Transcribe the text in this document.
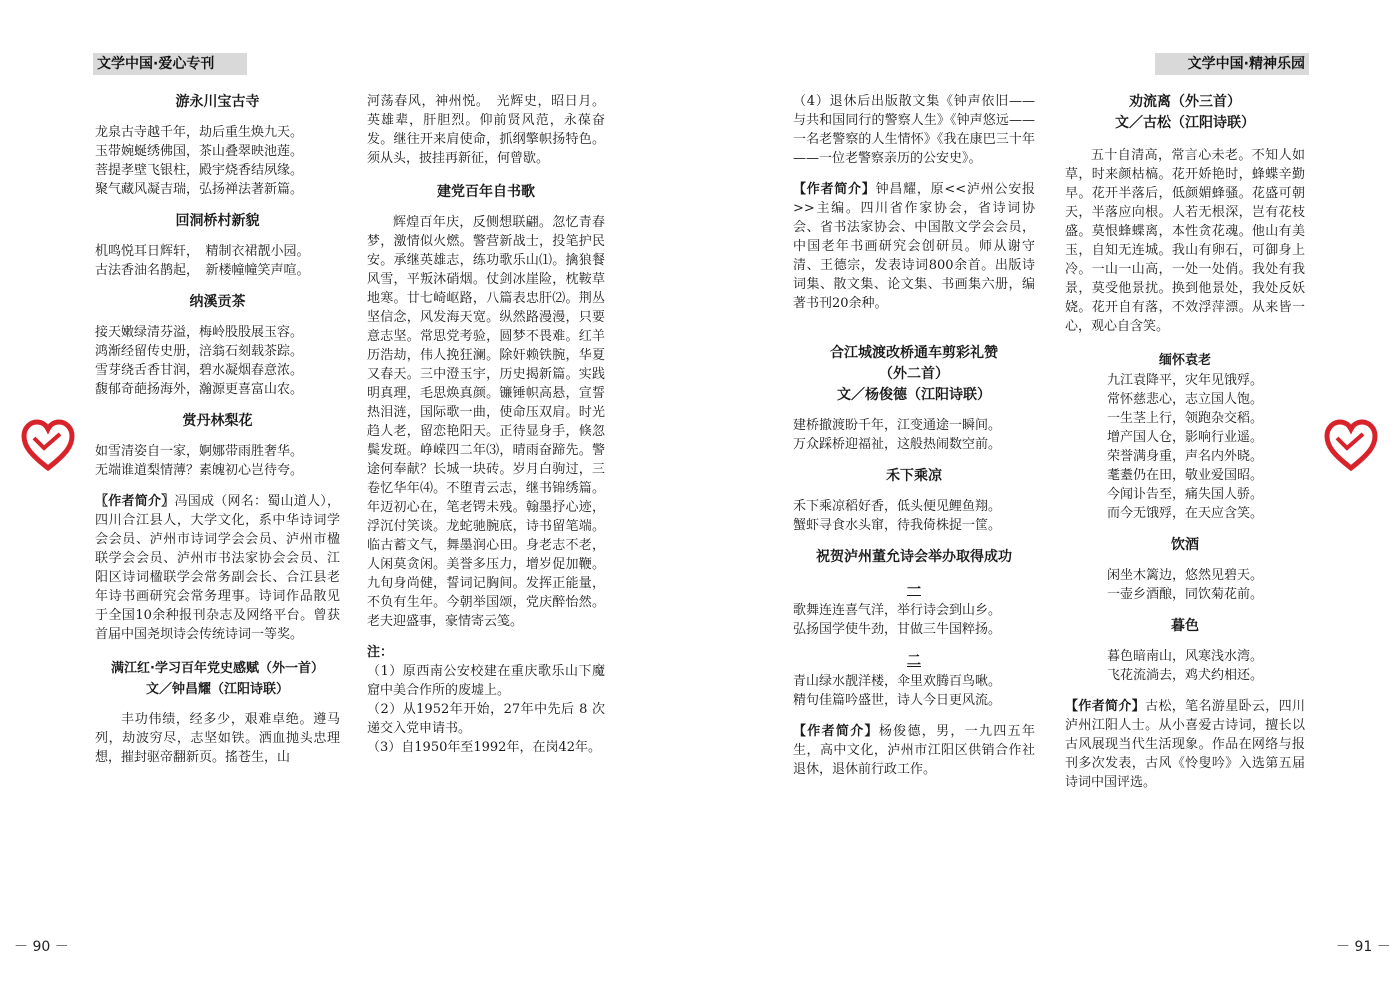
文学中国·爱心专刊	文学中国·精神乐园
游永川宝古寺

龙泉古寺越千年，劫后重生焕九天。

玉带婉蜒绣佛国，茶山叠翠映池莲。

菩提孝壁飞银柱，殿宇烧香结夙缘。

聚气藏风凝吉瑞，弘扬禅法著新篇。

回洞桥村新貌

机鸣悦耳日辉轩，　精制衣裙靓小园。

古法香油名鹊起，　新楼幢幢笑声喧。

纳溪贡茶

接天嫩绿清芬溢，梅岭股股展玉容。

鸿渐经留传史册，涪翁石刻载茶踪。

雪芽绕舌香甘润，碧水凝烟春意浓。

馥郁奇葩扬海外，瀚源更喜富山农。

赏丹林梨花

如雪清姿自一家，婀娜带雨胜奢华。

无端谁道梨情薄？素魄初心岂待夸。

〖作者简介〗冯国成（网名：蜀山道人），四川合江县人，大学文化，系中华诗词学会会员、泸州市诗词学会会员、泸州市楹联学会会员、泸州市书法家协会会员、江阳区诗词楹联学会常务副会长、合江县老年诗书画研究会常务理事。诗词作品散见于全国10余种报刊杂志及网络平台。曾获首届中国尧坝诗会传统诗词一等奖。

满江红·学习百年党史感赋（外一首）
文／钟昌耀（江阳诗联）

丰功伟绩，经多少，艰难卓绝。遵马列，劫波穷尽，志坚如铁。洒血抛头忠理想，摧封驱帝翻新页。搖苍生，山

河荡春风，神州悦。　光辉史，昭日月。英雄辈，肝胆烈。仰前贤风范，永葆奋发。继往开来肩使命，抓纲擎帜扬特色。须从头，披挂再新征，何曾歇。

建党百年自书歌

辉煌百年庆，反侧想联翩。忽忆青春梦，激情似火燃。警营新战士，投笔护民安。承继英雄志，练功歌乐山⑴。擒狼餐风雪，平叛沐硝烟。仗剑冰崖险，枕鞍草地寒。廿七崎岖路，八篇表忠肝⑵。荆丛坚信念，风发海天宽。纵然路漫漫，只要意志坚。常思党考验，圆梦不畏难。红羊历浩劫，伟人挽狂澜。除奸赖铁腕，华夏又春天。三中澄玉宇，历史揭新篇。实践明真理，毛思焕真颜。镰锤帜高悬，宣誓热泪涟，国际歌一曲，使命压双肩。时光趋人老，留恋艳阳天。正待显身手，倏忽鬓发斑。峥嵘四二年⑶，晴雨奋蹄先。警途何奉献？长城一块砖。岁月白驹过，三卷忆华年⑷。不堕青云志，继书锦绣篇。年迈初心在，笔老锷未残。翰墨抒心迹，浮沉付笑谈。龙蛇驰腕底，诗书留笔端。临古蓄文气，舞墨润心田。身老志不老，人闲莫贪闲。美誉多压力，增岁促加鞭。九旬身尚健，誓词记胸间。发挥正能量，不负有生年。今朝举国颂，党庆醉怡然。老夫迎盛事，豪情寄云笺。

注：

（1）原西南公安校建在重庆歌乐山下魔窟中美合作所的废墟上。

（2）从1952年开始，27年中先后 8 次递交入党申请书。

（3）自1950年至1992年，在岗42年。

（4）退休后出版散文集《钟声依旧——与共和国同行的警察人生》《钟声悠远——一名老警察的人生情怀》《我在康巴三十年——一位老警察亲历的公安史》。

【作者简介】钟昌耀，原<<泸州公安报>>主编。四川省作家协会，省诗词协会、省书法家协会、中国散文学会会员，中国老年书画研究会创研员。师从谢守清、王德宗，发表诗词800余首。出版诗词集、散文集、论文集、书画集六册，编著书刊20余种。

合江城渡改桥通车剪彩礼赞
（外二首）
文／杨俊德（江阳诗联）

建桥撤渡盼千年，江变通途一瞬间。

万众踩桥迎福祉，这般热闹数空前。

禾下乘凉

禾下乘凉稻好香，低头便见鲤鱼翔。

蟹虾寻食水头窜，待我倚株捉一筐。

祝贺泸州董允诗会举办取得成功
一

歌舞连连喜气洋，举行诗会到山乡。

弘扬国学使牛劲，甘做三牛国粹扬。

二

青山绿水靓洋楼，伞里欢腾百鸟啾。

精句佳篇吟盛世，诗人今日更风流。

【作者简介】杨俊德，男，一九四五年生，高中文化，泸州市江阳区供销合作社退休，退休前行政工作。

劝流离（外三首）
文／古松（江阳诗联）

五十自清高，常言心未老。不知人如草，时来颜枯槁。花开娇艳时，蜂蝶辛勤早。花开半落后，低颜媚蜂骚。花盛可朝天，半落应向根。人若无根深，岂有花枝盛。莫恨蜂蝶离，本性贪花魂。他山有美玉，自知无连城。我山有卵石，可御身上冷。一山一山高，一处一处俏。我处有我景，莫受他景扰。换到他景处，我处反妖娆。花开自有落，不效浮萍漂。从来皆一心，观心自含笑。

缅怀袁老

九江袁降平，灾年见饿殍。

常怀慈悲心，志立国人饱。

一生茎上行，领跑杂交稻。

增产国人仓，影响行业遥。

荣誉满身重，声名内外晓。

耄耋仍在田，敬业爱国昭。

今闻讣告至，痛失国人骄。

而今无饿殍，在天应含笑。

饮酒

闲坐木篱边，悠然见碧天。

一壶乡酒酿，同饮菊花前。

暮色

暮色暗南山，风寒浅水湾。

飞花流淌去，鸡犬约相还。

【作者简介】古松，笔名游星卧云，四川泸州江阳人士。从小喜爱古诗词，擅长以古风展现当代生活现象。作品在网络与报刊多次发表，古风《怜叟吟》入选第五届诗词中国评选。

－ 90 －	－ 91 －
